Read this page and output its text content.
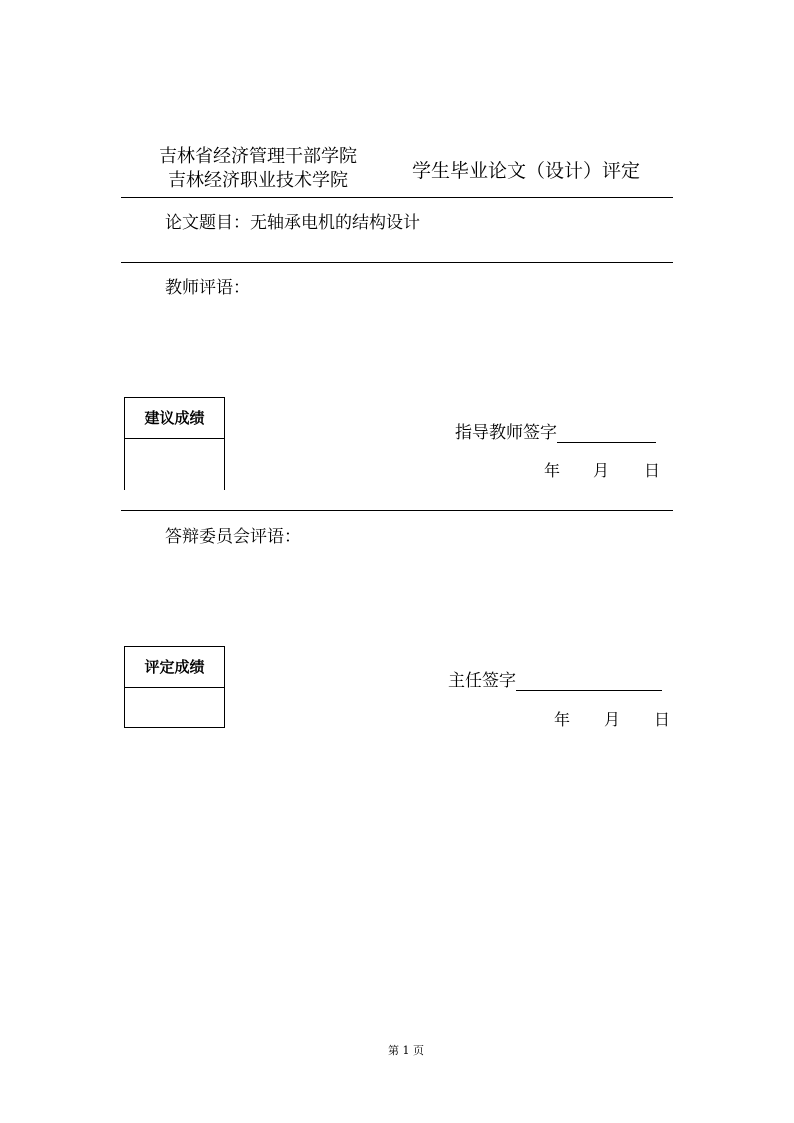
吉林省经济管理干部学院
吉林经济职业技术学院	学生毕业论文（设计）评定
论文题目：无轴承电机的结构设计
教师评语：
建议成绩
指导教师签字
年 月 日
答辩委员会评语：
评定成绩
主任签字
年 月 日
第 1 页
